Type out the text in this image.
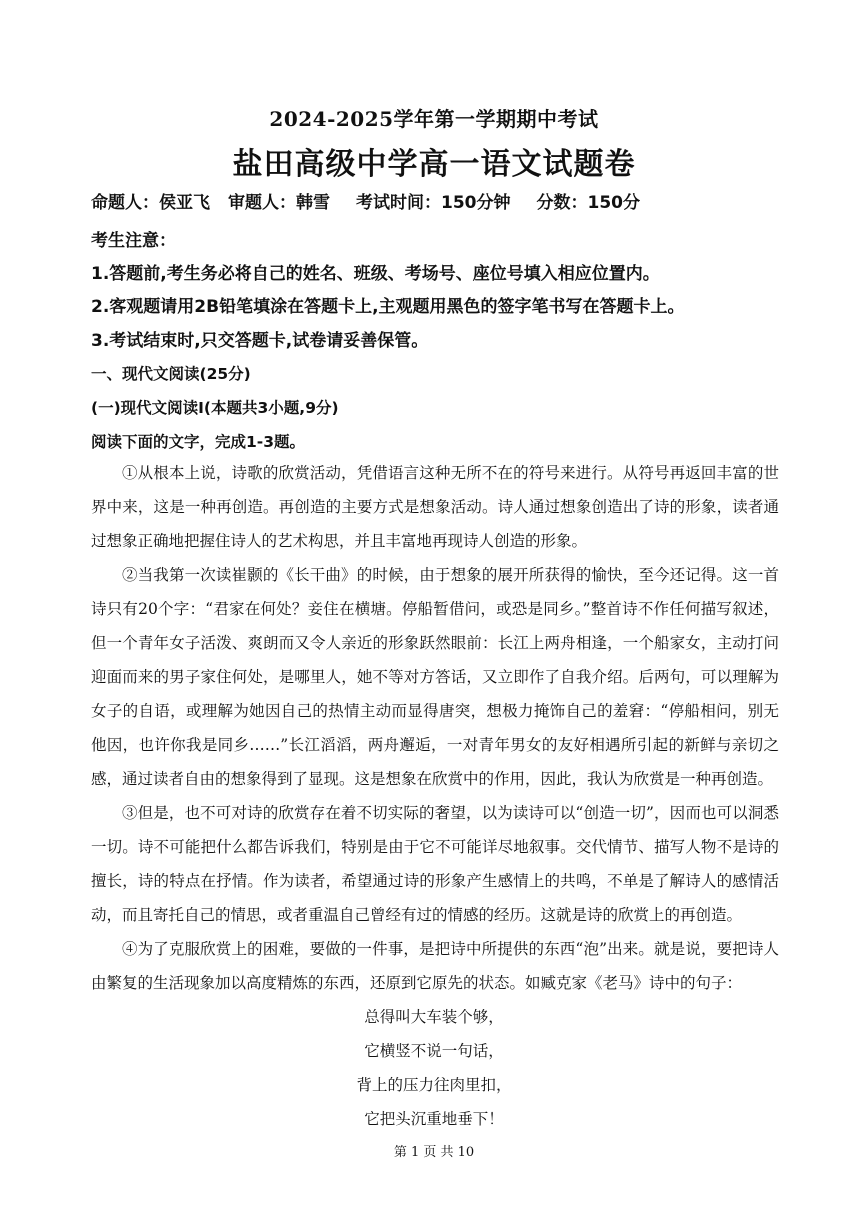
2024-2025学年第一学期期中考试
盐田高级中学高一语文试题卷
命题人：侯亚飞 审题人：韩雪 考试时间：150分钟 分数：150分
考生注意：
1.答题前,考生务必将自己的姓名、班级、考场号、座位号填入相应位置内。
2.客观题请用2B铅笔填涂在答题卡上,主观题用黑色的签字笔书写在答题卡上。
3.考试结束时,只交答题卡,试卷请妥善保管。
一、现代文阅读(25分)
(一)现代文阅读Ⅰ(本题共3小题,9分)
阅读下面的文字，完成1-3题。

①从根本上说，诗歌的欣赏活动，凭借语言这种无所不在的符号来进行。从符号再返回丰富的世界中来，这是一种再创造。再创造的主要方式是想象活动。诗人通过想象创造出了诗的形象，读者通过想象正确地把握住诗人的艺术构思，并且丰富地再现诗人创造的形象。

②当我第一次读崔颢的《长干曲》的时候，由于想象的展开所获得的愉快，至今还记得。这一首诗只有20个字：“君家在何处？妾住在横塘。停船暂借问，或恐是同乡。”整首诗不作任何描写叙述，但一个青年女子活泼、爽朗而又令人亲近的形象跃然眼前：长江上两舟相逢，一个船家女，主动打问迎面而来的男子家住何处，是哪里人，她不等对方答话，又立即作了自我介绍。后两句，可以理解为女子的自语，或理解为她因自己的热情主动而显得唐突，想极力掩饰自己的羞窘：“停船相问，别无他因，也许你我是同乡……”长江滔滔，两舟邂逅，一对青年男女的友好相遇所引起的新鲜与亲切之感，通过读者自由的想象得到了显现。这是想象在欣赏中的作用，因此，我认为欣赏是一种再创造。

③但是，也不可对诗的欣赏存在着不切实际的奢望，以为读诗可以“创造一切”，因而也可以洞悉一切。诗不可能把什么都告诉我们，特别是由于它不可能详尽地叙事。交代情节、描写人物不是诗的擅长，诗的特点在抒情。作为读者，希望通过诗的形象产生感情上的共鸣，不单是了解诗人的感情活动，而且寄托自己的情思，或者重温自己曾经有过的情感的经历。这就是诗的欣赏上的再创造。

④为了克服欣赏上的困难，要做的一件事，是把诗中所提供的东西“泡”出来。就是说，要把诗人由繁复的生活现象加以高度精炼的东西，还原到它原先的状态。如臧克家《老马》诗中的句子：

总得叫大车装个够，
它横竖不说一句话，
背上的压力往肉里扣，
它把头沉重地垂下！
第 1 页 共 10
